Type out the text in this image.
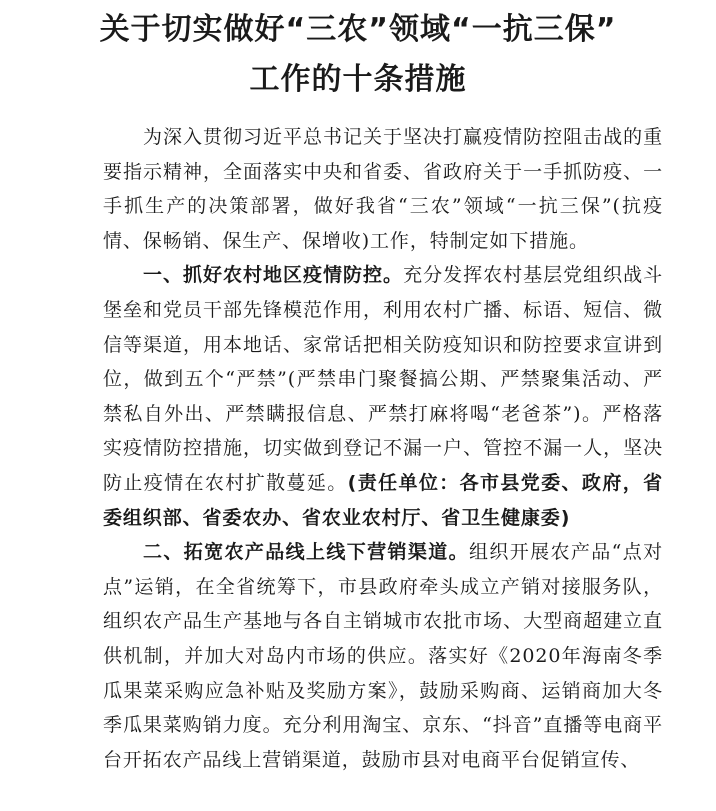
关于切实做好“三农”领域“一抗三保”
工作的十条措施

为深入贯彻习近平总书记关于坚决打赢疫情防控阻击战的重要指示精神，全面落实中央和省委、省政府关于一手抓防疫、一手抓生产的决策部署，做好我省“三农”领域“一抗三保”(抗疫情、保畅销、保生产、保增收)工作，特制定如下措施。

一、抓好农村地区疫情防控。充分发挥农村基层党组织战斗堡垒和党员干部先锋模范作用，利用农村广播、标语、短信、微信等渠道，用本地话、家常话把相关防疫知识和防控要求宣讲到位，做到五个“严禁”(严禁串门聚餐搞公期、严禁聚集活动、严禁私自外出、严禁瞒报信息、严禁打麻将喝“老爸茶”)。严格落实疫情防控措施，切实做到登记不漏一户、管控不漏一人，坚决防止疫情在农村扩散蔓延。(责任单位：各市县党委、政府，省委组织部、省委农办、省农业农村厅、省卫生健康委)

二、拓宽农产品线上线下营销渠道。组织开展农产品“点对点”运销，在全省统筹下，市县政府牵头成立产销对接服务队，组织农产品生产基地与各自主销城市农批市场、大型商超建立直供机制，并加大对岛内市场的供应。落实好《2020年海南冬季瓜果菜采购应急补贴及奖励方案》，鼓励采购商、运销商加大冬季瓜果菜购销力度。充分利用淘宝、京东、“抖音”直播等电商平台开拓农产品线上营销渠道，鼓励市县对电商平台促销宣传、
